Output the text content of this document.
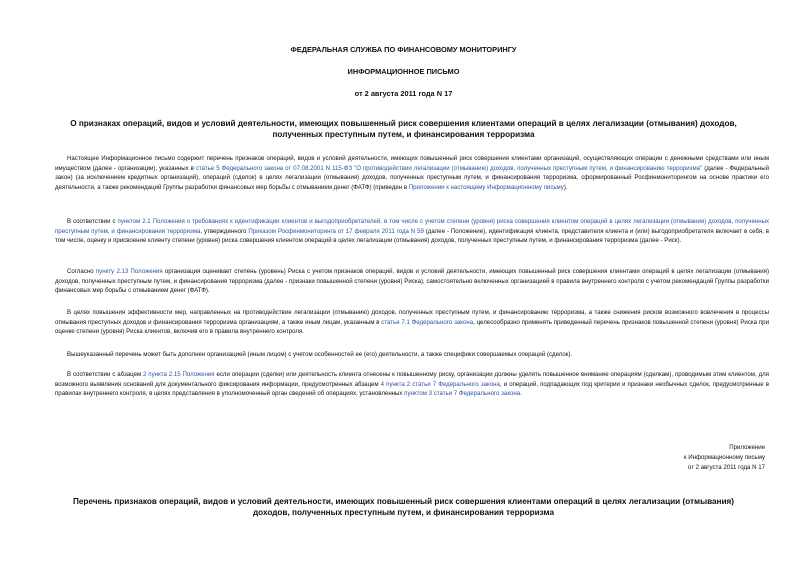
ФЕДЕРАЛЬНАЯ СЛУЖБА ПО ФИНАНСОВОМУ МОНИТОРИНГУ
ИНФОРМАЦИОННОЕ ПИСЬМО
от 2 августа 2011 года N 17
О признаках операций, видов и условий деятельности, имеющих повышенный риск совершения клиентами операций в целях легализации (отмывания) доходов,
полученных преступным путем, и финансирования терроризма
Настоящее Информационное письмо содержит перечень признаков операций, видов и условий деятельности, имеющих повышенный риск совершения клиентами организаций, осуществляющих операции с денежными средствами или иным имуществом (далее - организации), указанных в статье 5 Федерального закона от 07.08.2001 N 115-ФЗ "О противодействии легализации (отмыванию) доходов, полученных преступным путем, и финансированию терроризма" (далее - Федеральный закон) (за исключением кредитных организаций), операций (сделок) в целях легализации (отмывания) доходов, полученных преступным путем, и финансирования терроризма, сформированный Росфинмониторингом на основе практики его деятельности, а также рекомендаций Группы разработки финансовых мер борьбы с отмыванием денег (ФАТФ) (приведен в Приложении к настоящему Информационному письму).
В соответствии с пунктом 2.1 Положения о требованиях к идентификации клиентов и выгодоприобретателей, в том числе с учетом степени (уровня) риска совершения клиентом операций в целях легализации (отмывания) доходов, полученных преступным путем, и финансирования терроризма, утвержденного Приказом Росфинмониторинга от 17 февраля 2011 года N 59 (далее - Положение), идентификация клиента, представителя клиента и (или) выгодоприобретателя включает в себя, в том числе, оценку и присвоение клиенту степени (уровня) риска совершения клиентом операций в целях легализации (отмывания) доходов, полученных преступным путем, и финансирования терроризма (далее - Риск).
Согласно пункту 2.13 Положения организация оценивает степень (уровень) Риска с учетом признаков операций, видов и условий деятельности, имеющих повышенный риск совершения клиентами операций в целях легализации (отмывания) доходов, полученных преступным путем, и финансирования терроризма (далее - признаки повышенной степени (уровня) Риска), самостоятельно включенных организацией в правила внутреннего контроля с учетом рекомендаций Группы разработки финансовых мер борьбы с отмыванием денег (ФАТФ).
В целях повышения эффективности мер, направленных на противодействие легализации (отмыванию) доходов, полученных преступным путем, и финансированию терроризма, а также снижения рисков возможного вовлечения в процессы отмывания преступных доходов и финансирования терроризма организациям, а также иным лицам, указанным в статье 7.1 Федерального закона, целесообразно применять приведенный перечень признаков повышенной степени (уровня) Риска при оценке степени (уровня) Риска клиентов, включив его в правила внутреннего контроля.
Вышеуказанный перечень может быть дополнен организацией (иным лицом) с учетом особенностей ее (его) деятельности, а также специфики совершаемых операций (сделок).
В соответствии с абзацем 2 пункта 2.15 Положения если операции (сделки) или деятельность клиента отнесены к повышенному риску, организации должны уделять повышенное внимание операциям (сделкам), проводимым этим клиентом, для возможного выявления оснований для документального фиксирования информации, предусмотренных абзацем 4 пункта 2 статьи 7 Федерального закона, и операций, подпадающих под критерии и признаки необычных сделок, предусмотренные в правилах внутреннего контроля, в целях представления в уполномоченный орган сведений об операциях, установленных пунктом 3 статьи 7 Федерального закона.
Приложение
к Информационному письму
от 2 августа 2011 года N 17
Перечень признаков операций, видов и условий деятельности, имеющих повышенный риск совершения клиентами операций в целях легализации (отмывания)
доходов, полученных преступным путем, и финансирования терроризма
